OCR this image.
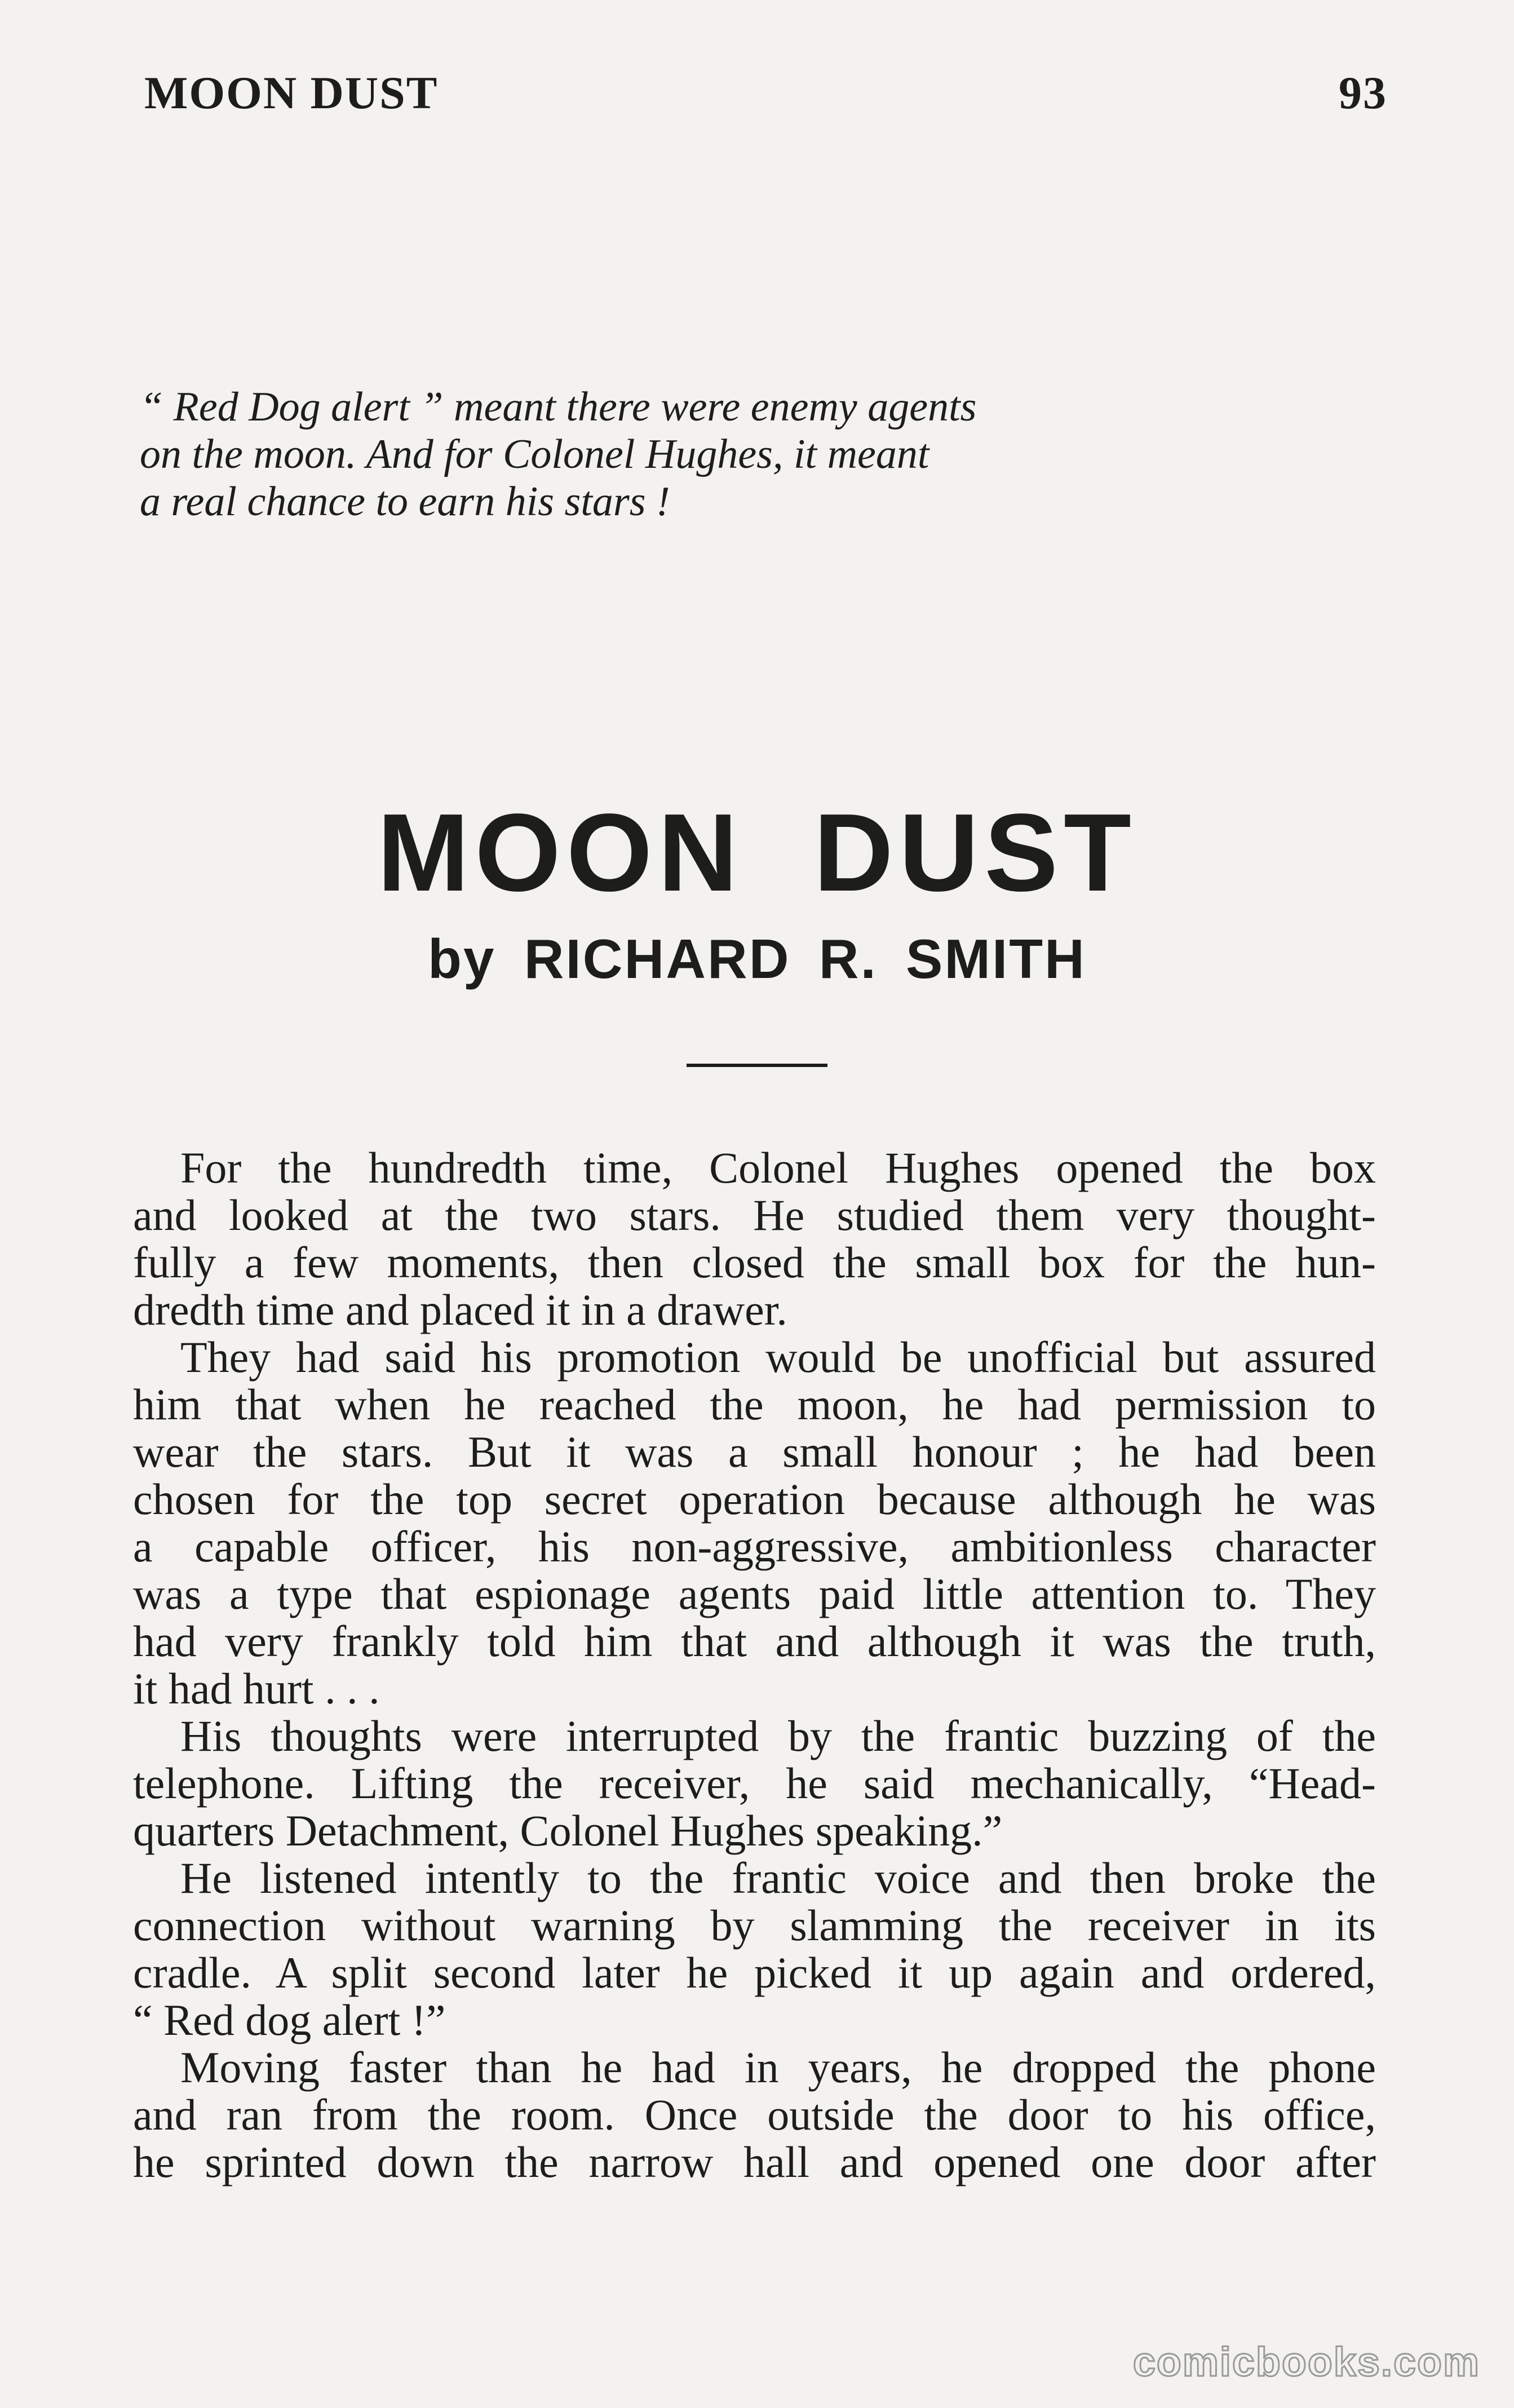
MOON DUST	93
“ Red Dog alert ” meant there were enemy agents
on the moon. And for Colonel Hughes, it meant
a real chance to earn his stars !
MOON DUST
by RICHARD R. SMITH
For the hundredth time, Colonel Hughes opened the box
and looked at the two stars. He studied them very thought-
fully a few moments, then closed the small box for the hun-
dredth time and placed it in a drawer.
They had said his promotion would be unofficial but assured
him that when he reached the moon, he had permission to
wear the stars. But it was a small honour ; he had been
chosen for the top secret operation because although he was
a capable officer, his non-aggressive, ambitionless character
was a type that espionage agents paid little attention to. They
had very frankly told him that and although it was the truth,
it had hurt . . .
His thoughts were interrupted by the frantic buzzing of the
telephone. Lifting the receiver, he said mechanically, “Head-
quarters Detachment, Colonel Hughes speaking.”
He listened intently to the frantic voice and then broke the
connection without warning by slamming the receiver in its
cradle. A split second later he picked it up again and ordered,
“ Red dog alert !”
Moving faster than he had in years, he dropped the phone
and ran from the room. Once outside the door to his office,
he sprinted down the narrow hall and opened one door after
comicbooks.com
